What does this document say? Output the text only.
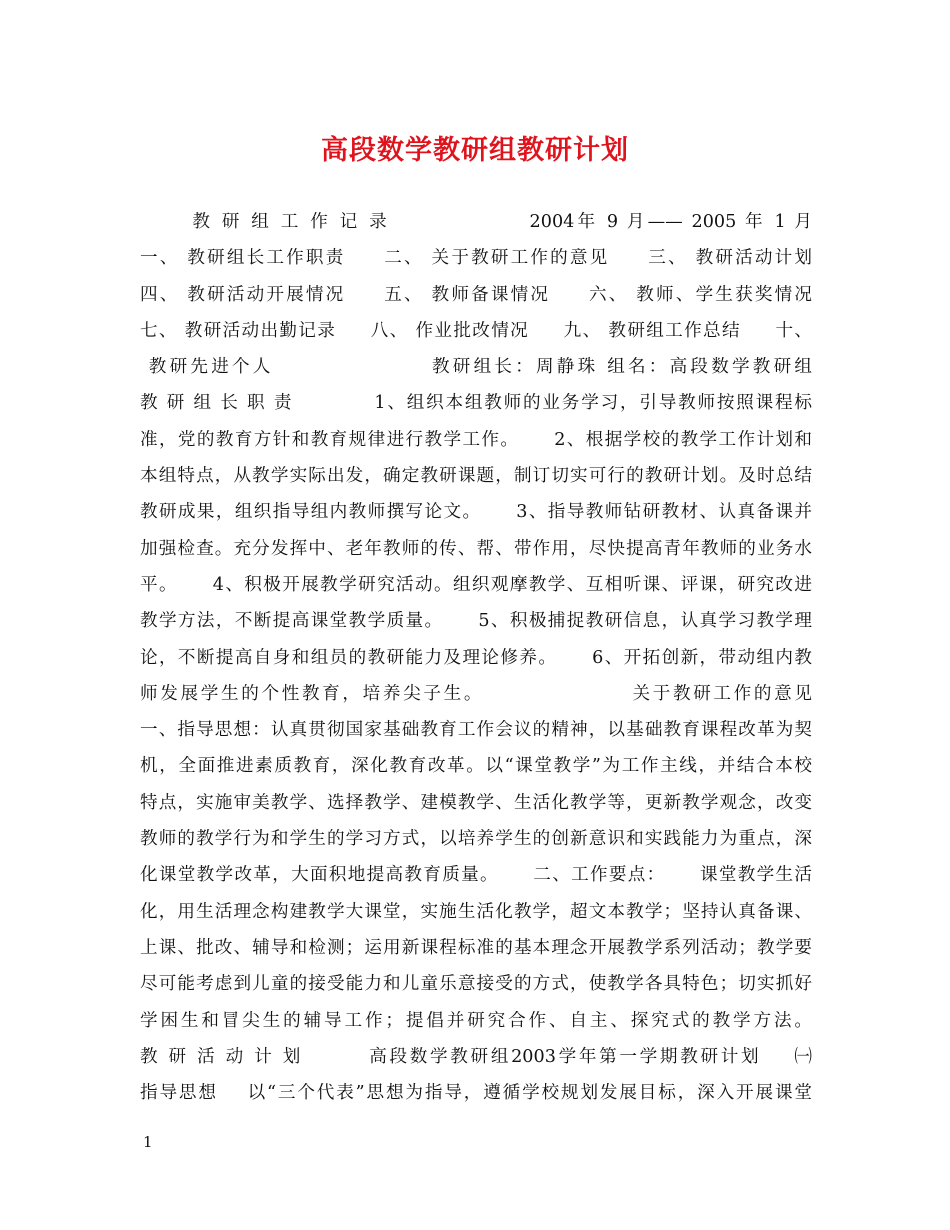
高段数学教研组教研计划
教 研 组 工 作 记 录                2004年 9 月—— 2005 年 1 月
一、 教研组长工作职责     二、 关于教研工作的意见     三、 教研活动计划
四、 教研活动开展情况     五、 教师备课情况     六、 教师、学生获奖情况
七、 教研活动出勤记录     八、 作业批改情况     九、 教研组工作总结     十、
教研先进个人                  教研组长：周静珠 组名：高段数学教研组
教 研 组 长 职 责           1、组织本组教师的业务学习，引导教师按照课程标
准，党的教育方针和教育规律进行教学工作。     2、根据学校的教学工作计划和
本组特点，从教学实际出发，确定教研课题，制订切实可行的教研计划。及时总结
教研成果，组织指导组内教师撰写论文。     3、指导教师钻研教材、认真备课并
加强检查。充分发挥中、老年教师的传、帮、带作用，尽快提高青年教师的业务水
平。     4、积极开展教学研究活动。组织观摩教学、互相听课、评课，研究改进
教学方法，不断提高课堂教学质量。     5、积极捕捉教研信息，认真学习教学理
论，不断提高自身和组员的教研能力及理论修养。     6、开拓创新，带动组内教
师发展学生的个性教育，培养尖子生。                  关于教研工作的意见
一、指导思想：认真贯彻国家基础教育工作会议的精神，以基础教育课程改革为契
机，全面推进素质教育，深化教育改革。以“课堂教学”为工作主线，并结合本校
特点，实施审美教学、选择教学、建模教学、生活化教学等，更新教学观念，改变
教师的教学行为和学生的学习方式，以培养学生的创新意识和实践能力为重点，深
化课堂教学改革，大面积地提高教育质量。     二、工作要点：     课堂教学生活
化，用生活理念构建教学大课堂，实施生活化教学，超文本教学；坚持认真备课、
上课、批改、辅导和检测；运用新课程标准的基本理念开展教学系列活动；教学要
尽可能考虑到儿童的接受能力和儿童乐意接受的方式，使教学各具特色；切实抓好
学困生和冒尖生的辅导工作；提倡并研究合作、自主、探究式的教学方法。
教 研 活 动 计 划        高段数学教研组2003学年第一学期教研计划    ㈠
指导思想    以“三个代表”思想为指导，遵循学校规划发展目标，深入开展课堂
1
